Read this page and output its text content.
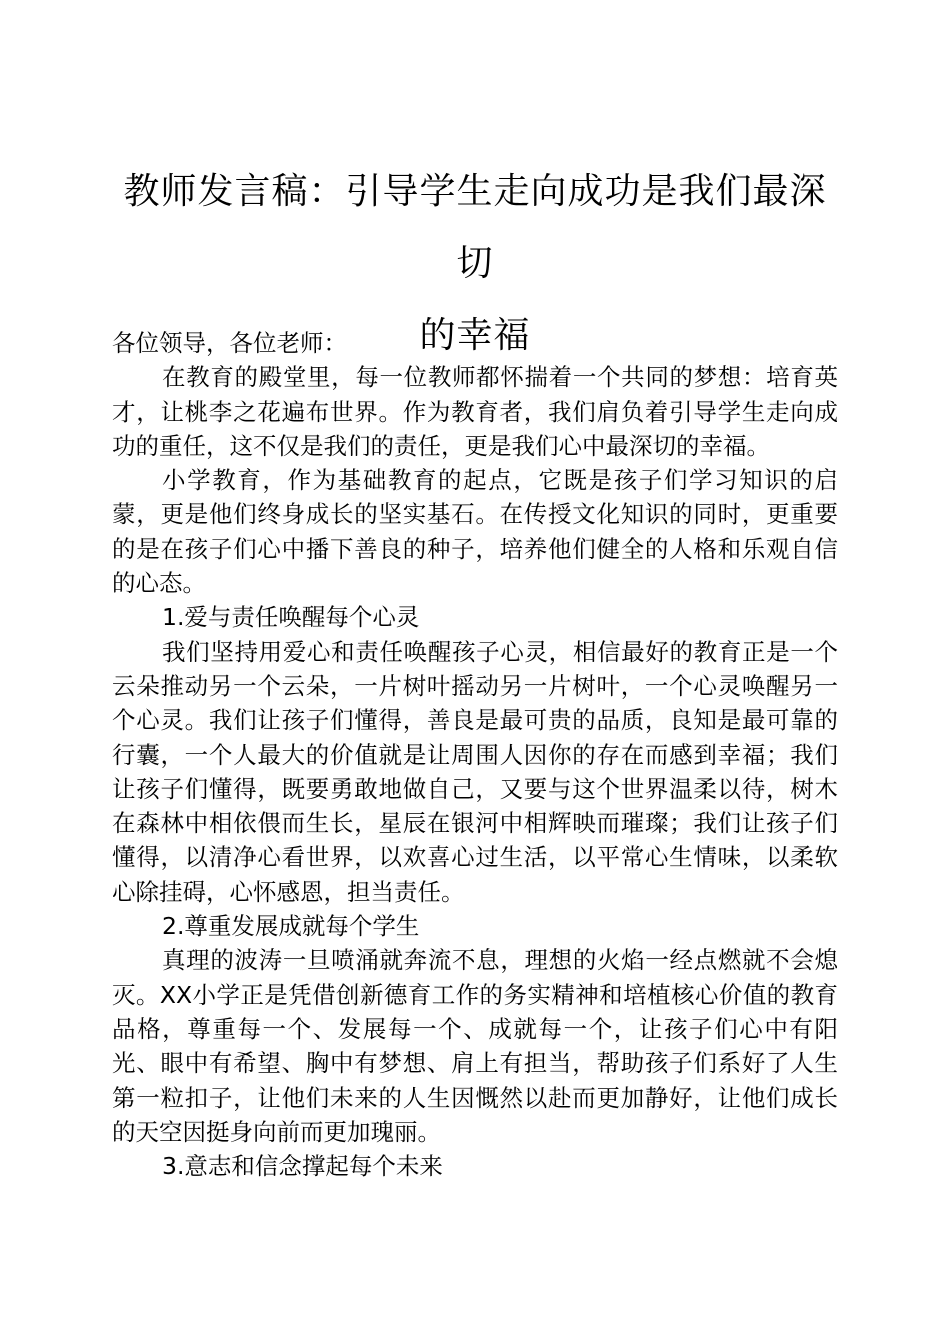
教师发言稿：引导学生走向成功是我们最深切
的幸福

各位领导，各位老师：

在教育的殿堂里，每一位教师都怀揣着一个共同的梦想：培育英才，让桃李之花遍布世界。作为教育者，我们肩负着引导学生走向成功的重任，这不仅是我们的责任，更是我们心中最深切的幸福。

小学教育，作为基础教育的起点，它既是孩子们学习知识的启蒙，更是他们终身成长的坚实基石。在传授文化知识的同时，更重要的是在孩子们心中播下善良的种子，培养他们健全的人格和乐观自信的心态。

1.爱与责任唤醒每个心灵

我们坚持用爱心和责任唤醒孩子心灵，相信最好的教育正是一个云朵推动另一个云朵，一片树叶摇动另一片树叶，一个心灵唤醒另一个心灵。我们让孩子们懂得，善良是最可贵的品质，良知是最可靠的行囊，一个人最大的价值就是让周围人因你的存在而感到幸福；我们让孩子们懂得，既要勇敢地做自己，又要与这个世界温柔以待，树木在森林中相依偎而生长，星辰在银河中相辉映而璀璨；我们让孩子们懂得，以清净心看世界，以欢喜心过生活，以平常心生情味，以柔软心除挂碍，心怀感恩，担当责任。

2.尊重发展成就每个学生

真理的波涛一旦喷涌就奔流不息，理想的火焰一经点燃就不会熄灭。XX小学正是凭借创新德育工作的务实精神和培植核心价值的教育品格，尊重每一个、发展每一个、成就每一个，让孩子们心中有阳光、眼中有希望、胸中有梦想、肩上有担当，帮助孩子们系好了人生第一粒扣子，让他们未来的人生因慨然以赴而更加静好，让他们成长的天空因挺身向前而更加瑰丽。

3.意志和信念撑起每个未来
